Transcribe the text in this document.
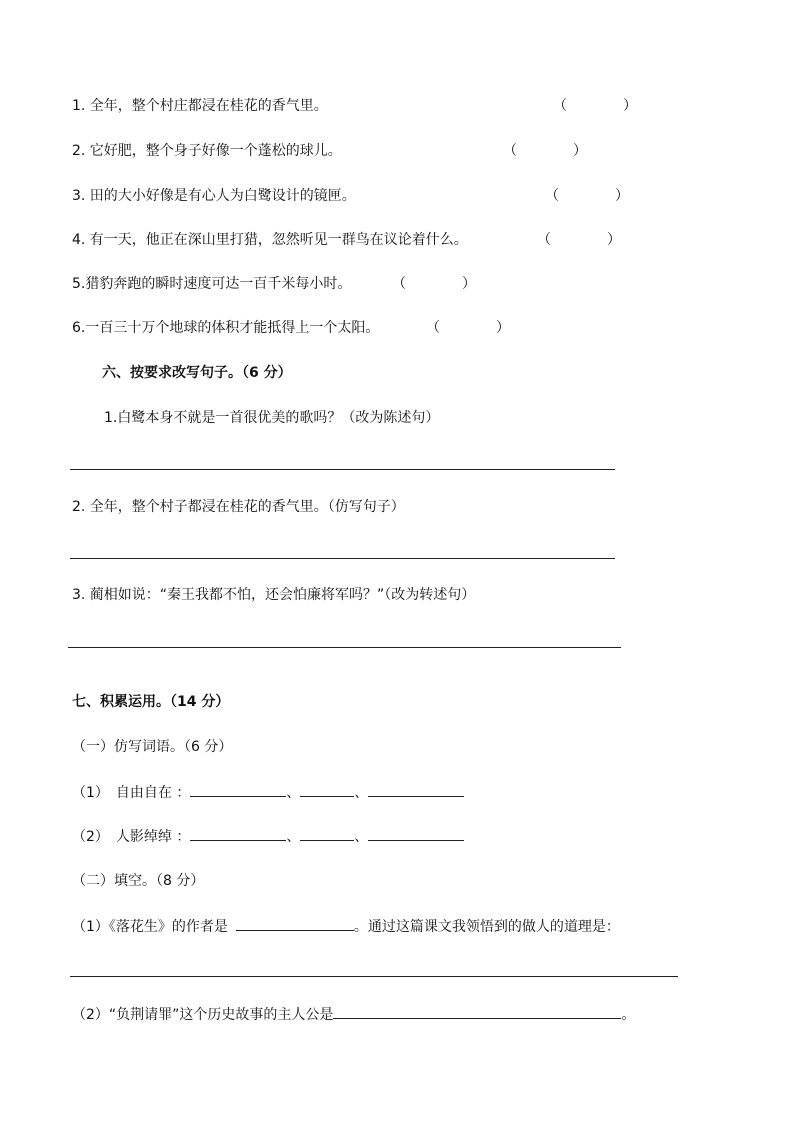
1. 全年，整个村庄都浸在桂花的香气里。	（　　　　）
2. 它好肥，整个身子好像一个蓬松的球儿。	（　　　　）
3. 田的大小好像是有心人为白鹭设计的镜匣。	（　　　　）
4. 有一天，他正在深山里打猎，忽然听见一群鸟在议论着什么。	（　　　　）
5.猎豹奔跑的瞬时速度可达一百千米每小时。	（　　　　）
6.一百三十万个地球的体积才能抵得上一个太阳。	（　　　　）
六、按要求改写句子。（6 分）
1.白鹭本身不就是一首很优美的歌吗？（改为陈述句）
2. 全年，整个村子都浸在桂花的香气里。（仿写句子）
3. 蔺相如说：“秦王我都不怕，还会怕廉将军吗？”（改为转述句）
七、积累运用。（14 分）
（一）仿写词语。（6 分）
（1）　自由自在 ：	、	、
（2）　人影绰绰 ：	、	、
（二）填空。（8 分）
（1）《落花生》的作者是	。通过这篇课文我领悟到的做人的道理是：
（2）“负荆请罪”这个历史故事的主人公是	。
